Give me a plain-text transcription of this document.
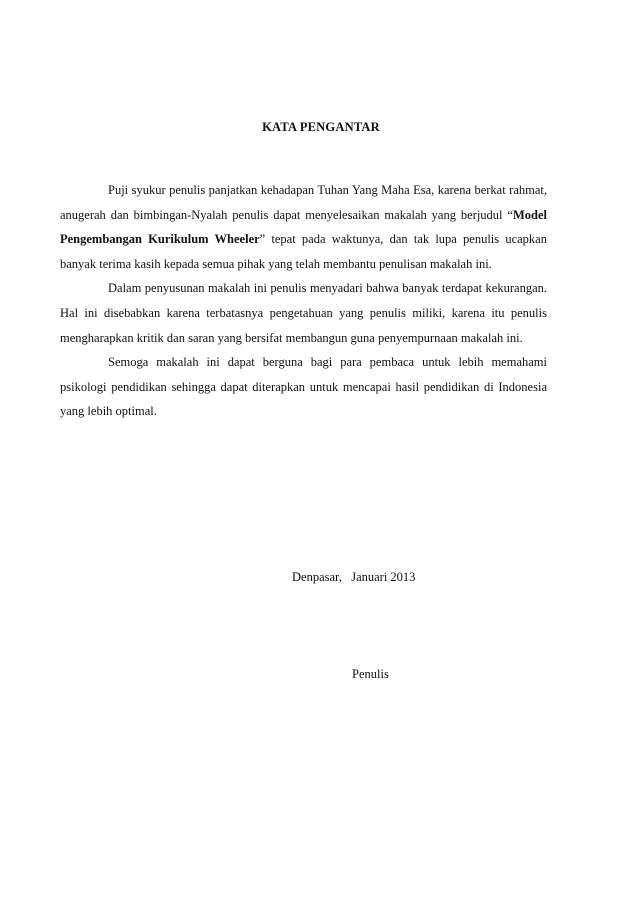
KATA PENGANTAR

Puji syukur penulis panjatkan kehadapan Tuhan Yang Maha Esa, karena berkat rahmat, anugerah dan bimbingan-Nyalah penulis dapat menyelesaikan makalah yang berjudul “Model Pengembangan Kurikulum Wheeler” tepat pada waktunya, dan tak lupa penulis ucapkan banyak terima kasih kepada semua pihak yang telah membantu penulisan makalah ini.

Dalam penyusunan makalah ini penulis menyadari bahwa banyak terdapat kekurangan. Hal ini disebabkan karena terbatasnya pengetahuan yang penulis miliki, karena itu penulis mengharapkan kritik dan saran yang bersifat membangun guna penyempurnaan makalah ini.

Semoga makalah ini dapat berguna bagi para pembaca untuk lebih memahami psikologi pendidikan sehingga dapat diterapkan untuk mencapai hasil pendidikan di Indonesia yang lebih optimal.

Denpasar,   Januari 2013
Penulis
